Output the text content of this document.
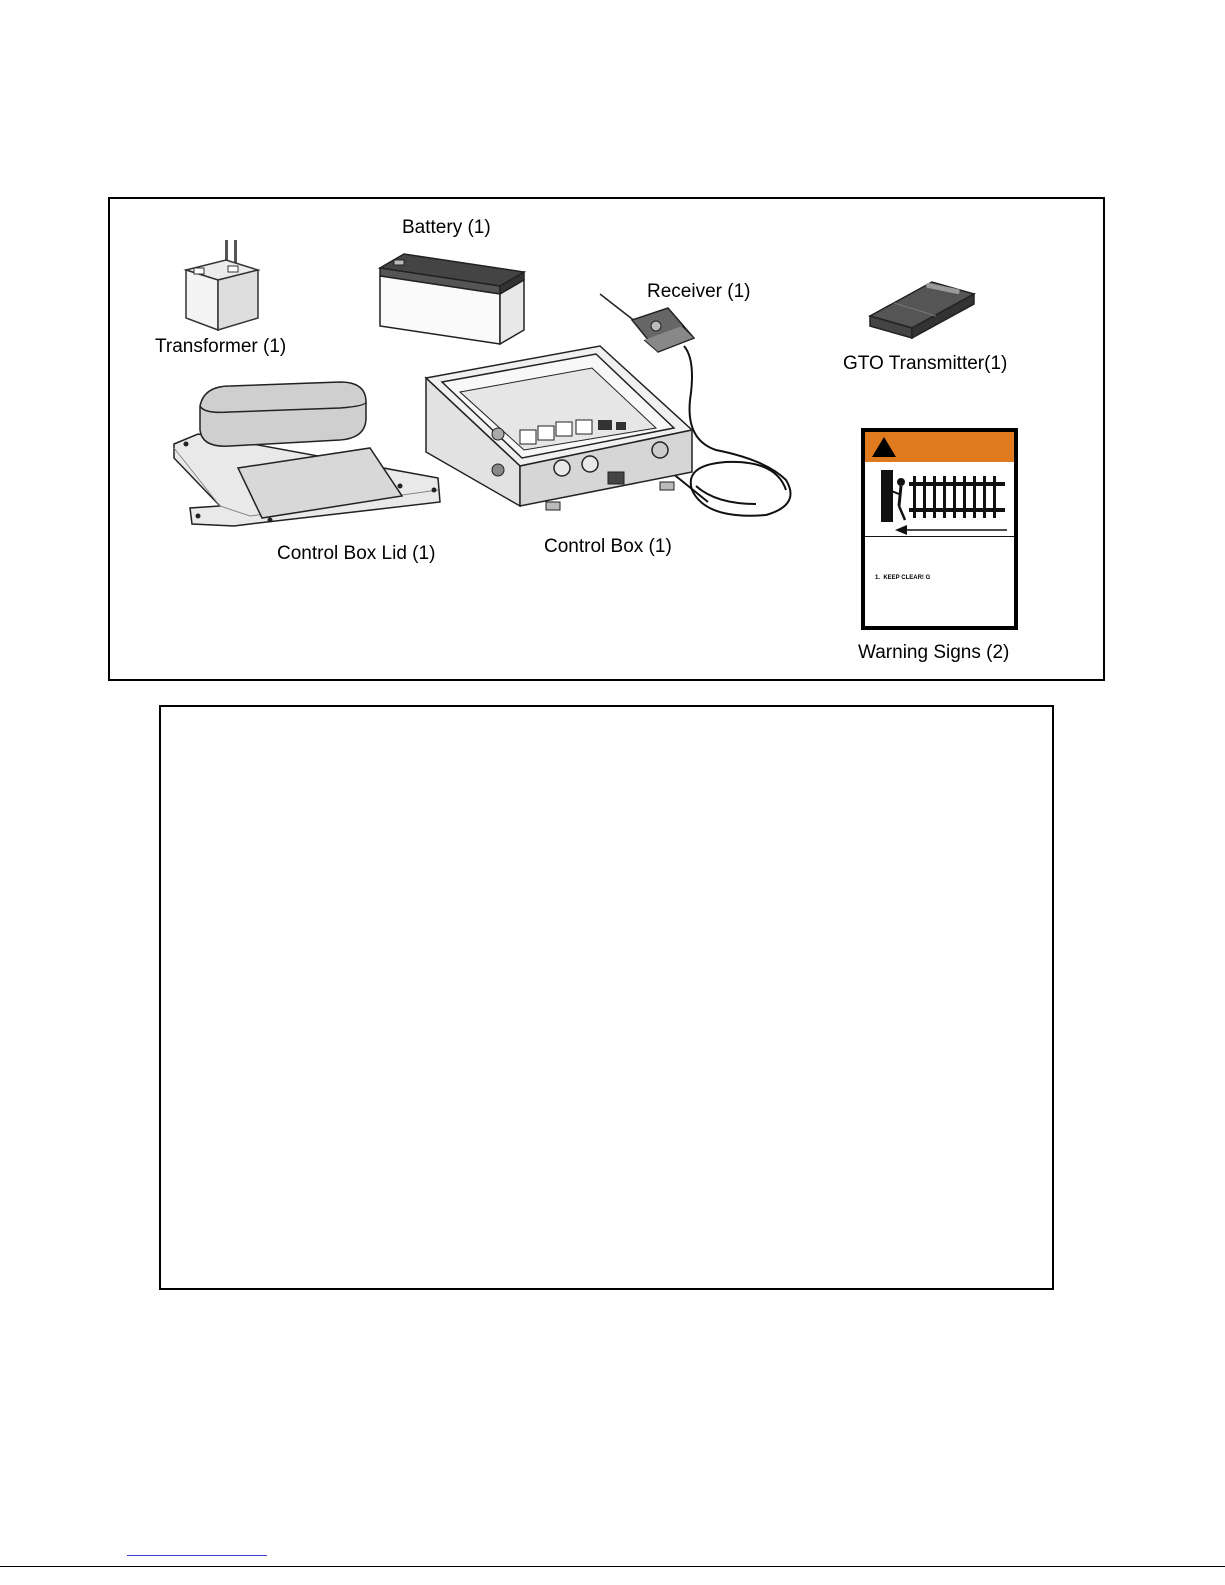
Transformer (1)
Battery (1)
Receiver (1)
GTO Transmitter(1)
Control Box Lid (1)	Control Box (1)
1.  KEEP CLEAR! G
Warning Signs (2)
